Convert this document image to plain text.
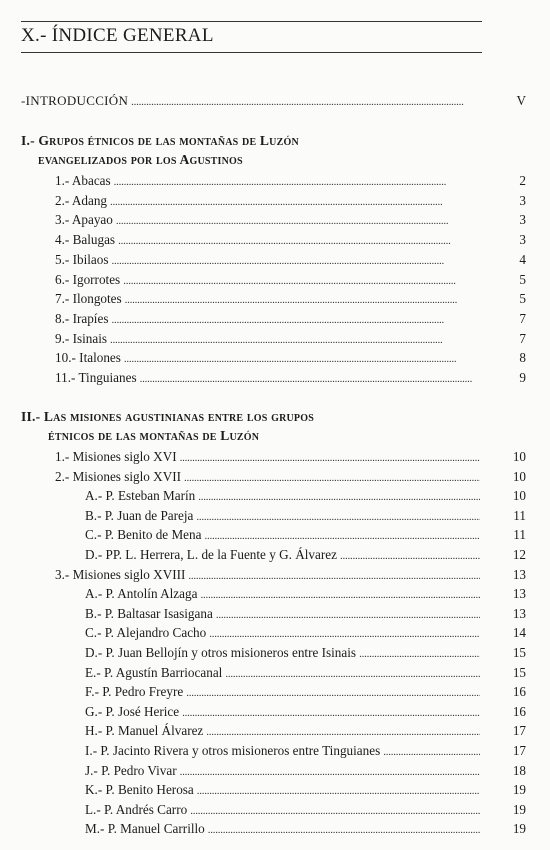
X.- ÍNDICE GENERAL
-INTRODUCCIÓN . . .	V
I.- Grupos étnicos de las montañas de Luzón
evangelizados por los Agustinos
1.- Abacas . . .	2
2.- Adang . . .	3
3.- Apayao . . .	3
4.- Balugas . . .	3
5.- Ibilaos . . .	4
6.- Igorrotes . . .	5
7.- Ilongotes . . .	5
8.- Irapíes . . .	7
9.- Isinais . . .	7
10.- Italones . . .	8
11.- Tinguianes . . .	9
II.- Las misiones agustinianas entre los grupos
étnicos de las montañas de Luzón
1.- Misiones siglo XVI . . .	10
2.- Misiones siglo XVII . . .	10
A.- P. Esteban Marín . . .	10
B.- P. Juan de Pareja . . .	11
C.- P. Benito de Mena . . .	11
D.- PP. L. Herrera, L. de la Fuente y G. Álvarez . . .	12
3.- Misiones siglo XVIII . . .	13
A.- P. Antolín Alzaga . . .	13
B.- P. Baltasar Isasigana . . .	13
C.- P. Alejandro Cacho . . .	14
D.- P. Juan Bellojín y otros misioneros entre Isinais . . .	15
E.- P. Agustín Barriocanal . . .	15
F.- P. Pedro Freyre . . .	16
G.- P. José Herice . . .	16
H.- P. Manuel Álvarez . . .	17
I.- P. Jacinto Rivera y otros misioneros entre Tinguianes . . .	17
J.- P. Pedro Vivar . . .	18
K.- P. Benito Herosa . . .	19
L.- P. Andrés Carro . . .	19
M.- P. Manuel Carrillo . . .	19
